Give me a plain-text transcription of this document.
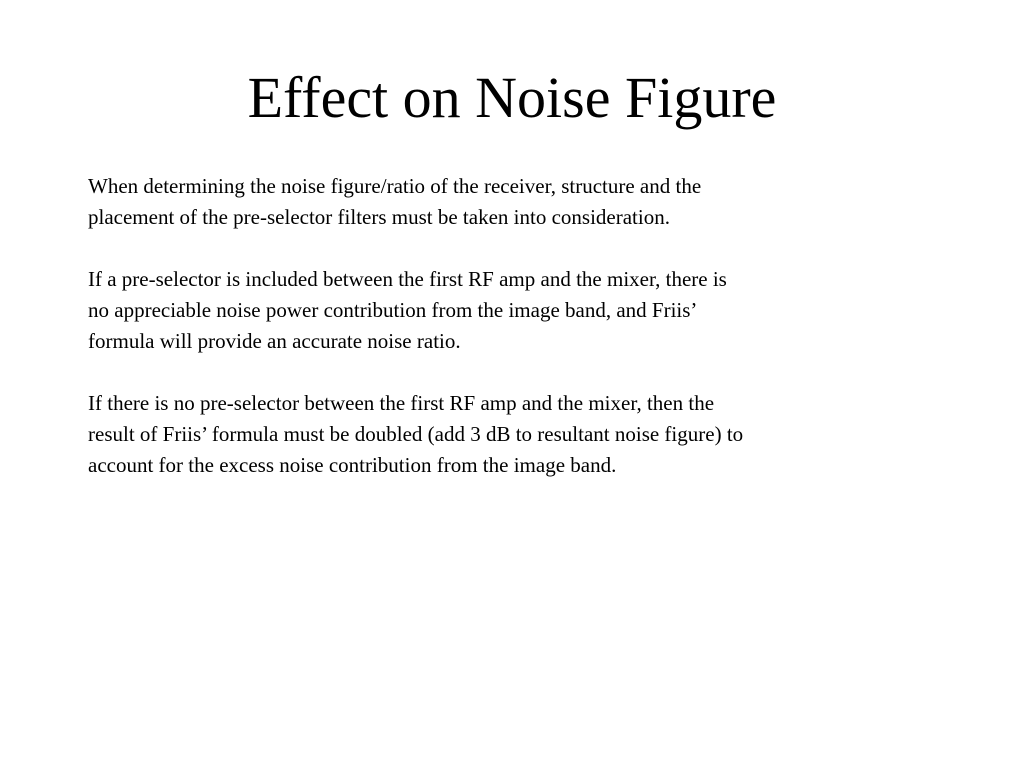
Effect on Noise Figure

When determining the noise figure/ratio of the receiver, structure and the
placement of the pre-selector filters must be taken into consideration.

If a pre-selector is included between the first RF amp and the mixer, there is
no appreciable noise power contribution from the image band, and Friis’
formula will provide an accurate noise ratio.

If there is no pre-selector between the first RF amp and the mixer, then the
result of Friis’ formula must be doubled (add 3 dB to resultant noise figure) to
account for the excess noise contribution from the image band.
